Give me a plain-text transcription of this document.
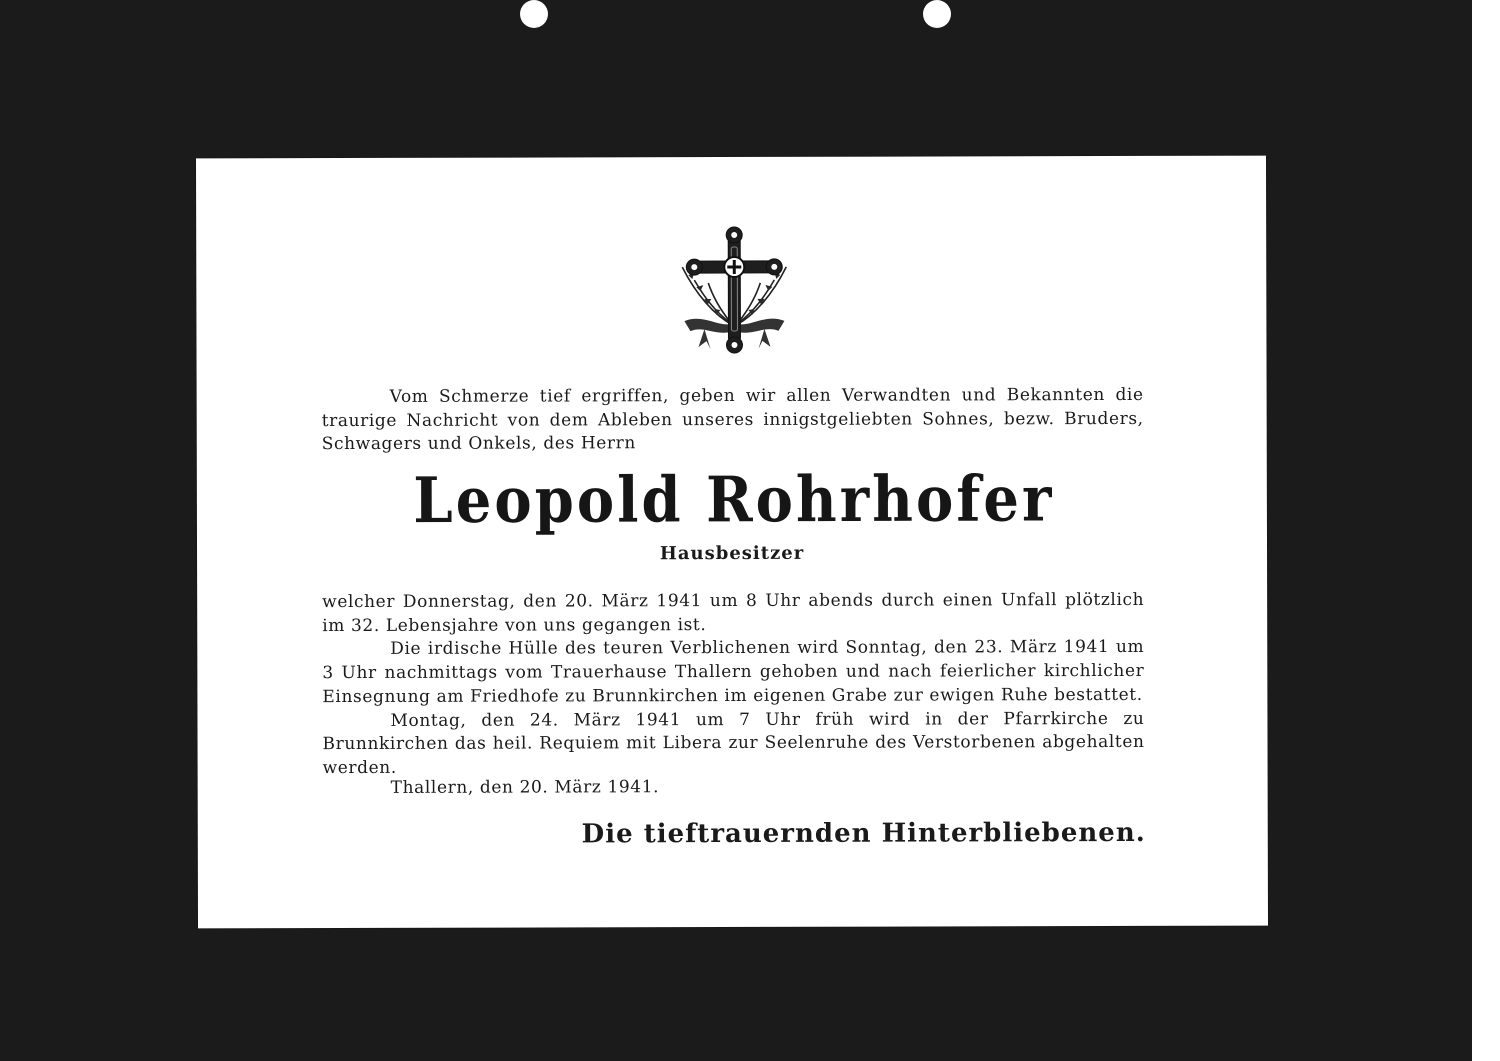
Vom Schmerze tief ergriffen, geben wir allen Verwandten und Bekannten die traurige Nachricht von dem Ableben unseres innigstgeliebten Sohnes, bezw. Bruders, Schwagers und Onkels, des Herrn

Leopold Rohrhofer

Hausbesitzer

welcher Donnerstag, den 20. März 1941 um 8 Uhr abends durch einen Unfall plötzlich im 32. Lebensjahre von uns gegangen ist.
Die irdische Hülle des teuren Verblichenen wird Sonntag, den 23. März 1941 um 3 Uhr nachmittags vom Trauerhause Thallern gehoben und nach feierlicher kirchlicher Einsegnung am Friedhofe zu Brunnkirchen im eigenen Grabe zur ewigen Ruhe bestattet.
Montag, den 24. März 1941 um 7 Uhr früh wird in der Pfarrkirche zu Brunnkirchen das heil. Requiem mit Libera zur Seelenruhe des Verstorbenen abgehalten werden.

Thallern, den 20. März 1941.

Die tieftrauernden Hinterbliebenen.
